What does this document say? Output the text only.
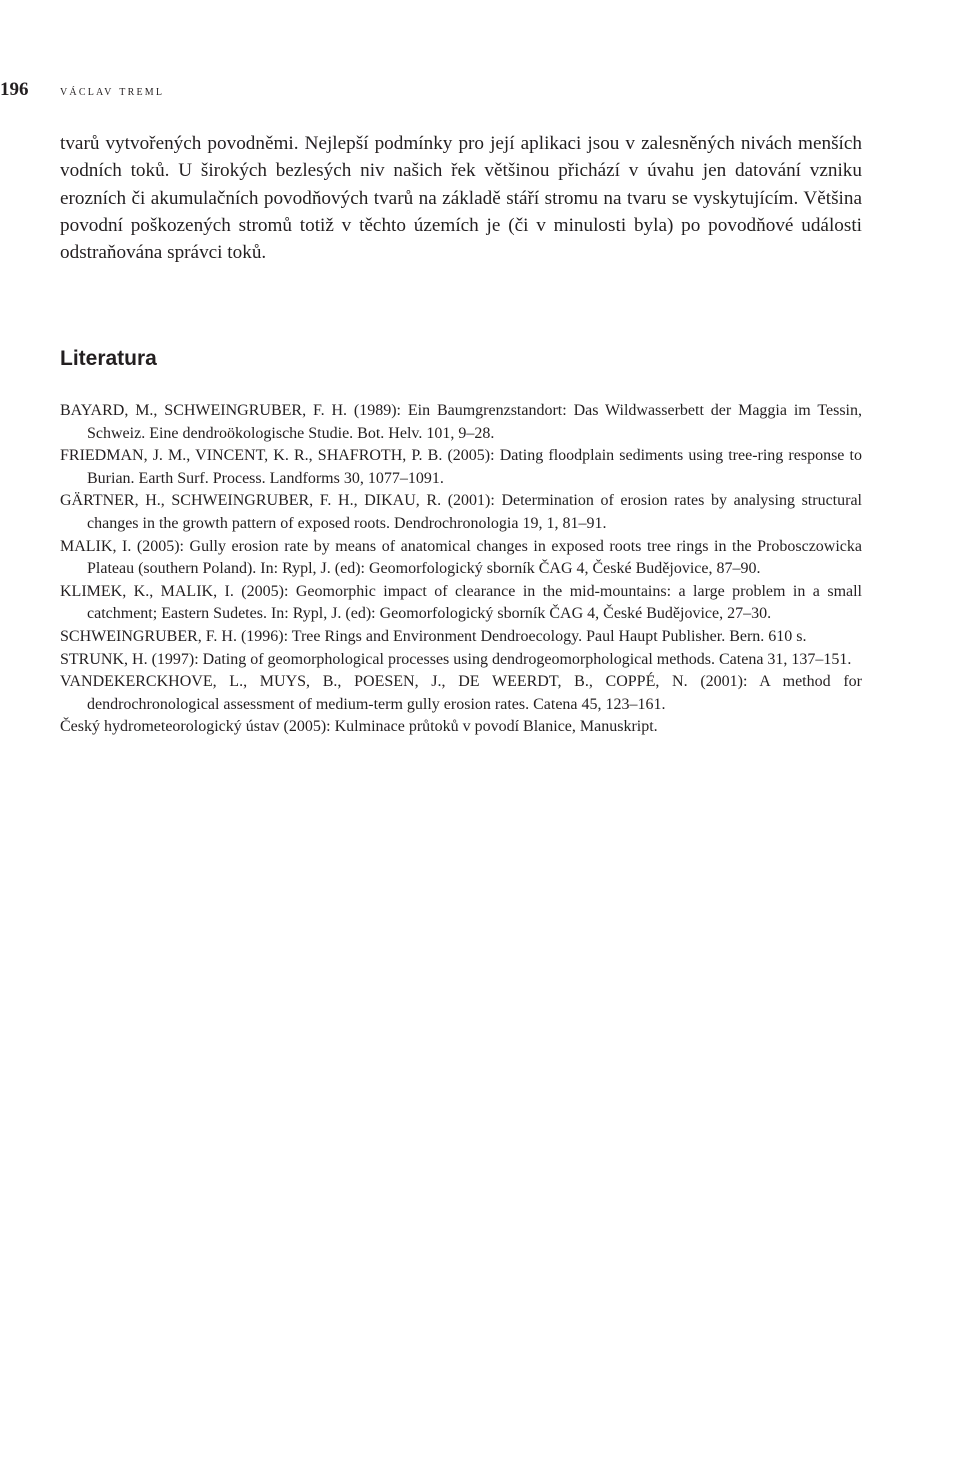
196 václav treml

tvarů vytvořených povodněmi. Nejlepší podmínky pro její aplikaci jsou v zalesněných nivách menších vodních toků. U širokých bezlesých niv našich řek většinou přichází v úvahu jen datování vzniku erozních či akumulačních povodňových tvarů na základě stáří stromu na tvaru se vyskytujícím. Většina povodní poškozených stromů totiž v těchto územích je (či v minulosti byla) po povodňové události odstraňována správci toků.

Literatura
BAYARD, M., SCHWEINGRUBER, F. H. (1989): Ein Baumgrenzstandort: Das Wildwasserbett der Maggia im Tessin, Schweiz. Eine dendroökologische Studie. Bot. Helv. 101, 9–28.
FRIEDMAN, J. M., VINCENT, K. R., SHAFROTH, P. B. (2005): Dating floodplain sediments using tree-ring response to Burian. Earth Surf. Process. Landforms 30, 1077–1091.
GÄRTNER, H., SCHWEINGRUBER, F. H., DIKAU, R. (2001): Determination of erosion rates by analysing structural changes in the growth pattern of exposed roots. Dendrochronologia 19, 1, 81–91.
MALIK, I. (2005): Gully erosion rate by means of anatomical changes in exposed roots tree rings in the Probosczowicka Plateau (southern Poland). In: Rypl, J. (ed): Geomorfologický sborník ČAG 4, České Budějovice, 87–90.
KLIMEK, K., MALIK, I. (2005): Geomorphic impact of clearance in the mid-mountains: a large problem in a small catchment; Eastern Sudetes. In: Rypl, J. (ed): Geomorfologický sborník ČAG 4, České Budějovice, 27–30.
SCHWEINGRUBER, F. H. (1996): Tree Rings and Environment Dendroecology. Paul Haupt Publisher. Bern. 610 s.
STRUNK, H. (1997): Dating of geomorphological processes using dendrogeomorphological methods. Catena 31, 137–151.
VANDEKERCKHOVE, L., MUYS, B., POESEN, J., DE WEERDT, B., COPPÉ, N. (2001): A method for dendrochronological assessment of medium-term gully erosion rates. Catena 45, 123–161.
Český hydrometeorologický ústav (2005): Kulminace průtoků v povodí Blanice, Manuskript.
